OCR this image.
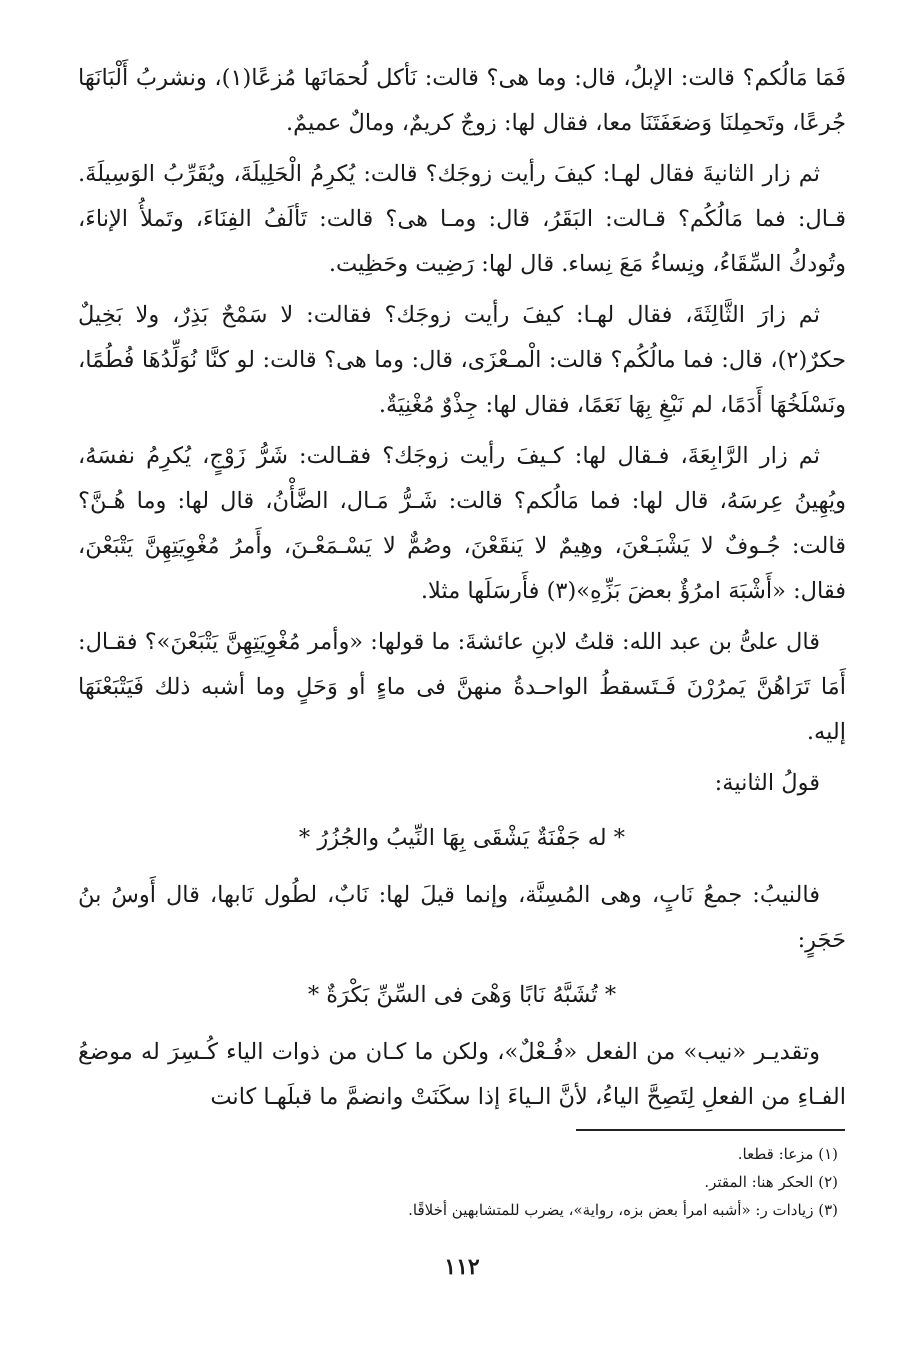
فَمَا مَالُكم؟ قالت: الإبلُ، قال: وما هى؟ قالت: نَأكل لُحمَانَها مُزعًا(١)، ونشربُ أَلْبَانَهَا جُرعًا، وتَحمِلنَا وَضعَفَتَنَا معا، فقال لها: زوجٌ كريمٌ، ومالٌ عميمٌ.

ثم زار الثانيةَ فقال لهـا: كيفَ رأيت زوجَك؟ قالت: يُكرِمُ الْحَلِيلَةَ، ويُقَرِّبُ الوَسِيلَةَ. قـال: فما مَالُكُم؟ قـالت: البَقَرُ، قال: ومـا هى؟ قالت: تَألَفُ الفِنَاءَ، وتَملأُ الإناءَ، وتُودكُ السِّقَاءُ، ونِساءُ مَعَ نِساء. قال لها: رَضِيت وحَظِيت.

ثم زارَ الثَّالِثَةَ، فقال لهـا: كيفَ رأيت زوجَك؟ فقالت: لا سَمْحٌ بَذِرٌ، ولا بَخِيلٌ حكرٌ(٢)، قال: فما مالُكُم؟ قالت: الْمـعْزَى، قال: وما هى؟ قالت: لو كنَّا نُوَلِّدُهَا فُطُمًا، ونَسْلَخُهَا أَدَمًا، لم نَبْغِ بِهَا نَعَمًا، فقال لها: جِذْوٌ مُغْنِيَةٌ.

ثم زار الرَّابِعَةَ، فـقال لها: كـيفَ رأيت زوجَك؟ فقـالت: شَرُّ زَوْجٍ، يُكرِمُ نفسَهُ، ويُهِينُ عِرسَهُ، قال لها: فما مَالُكم؟ قالت: شَـرُّ مَـال، الضَّأْنُ، قال لها: وما هُـنَّ؟ قالت: جُـوفٌ لا يَشْبَـعْنَ، وهِيمٌ لا يَنقَعْنَ، وصُمٌّ لا يَسْـمَعْـنَ، وأَمرُ مُغْوِيَتِهِنَّ يَتْبَعْنَ، فقال: «أَشْبَهَ امرُؤٌ بعضَ بَزِّهِ»(٣) فأَرسَلَها مثلا.

قال علىُّ بن عبد الله: قلتُ لابنِ عائشةَ: ما قولها: «وأمر مُغْوِيَتِهِنَّ يَتْبَعْنَ»؟ فقـال: أَمَا تَرَاهُنَّ يَمرُرْنَ فَـتَسقطُ الواحـدةُ منهنَّ فى ماءٍ أو وَحَلٍ وما أشبه ذلك فَيَتْبَعْنَهَا إليه.

قولُ الثانية:

* له جَفْنَةٌ يَشْقَى بِهَا النِّيبُ والجُزُرُ *

فالنيبُ: جمعُ نَابٍ، وهى المُسِنَّة، وإنما قيلَ لها: نَابٌ، لطُول نَابها، قال أَوسُ بنُ حَجَرٍ:

* تُشَبَّهُ نَابًا وَهْىَ فى السِّنِّ بَكْرَةٌ *

وتقديـر «نيب» من الفعل «فُـعْلٌ»، ولكن ما كـان من ذوات الياء كُـسِرَ له موضعُ الفـاءِ من الفعلِ لِتَصِحَّ الياءُ، لأنَّ الـياءَ إذا سكَنَتْ وانضمَّ ما قبلَهـا كانت

(١) مزعا: قطعا.
(٢) الحكر هنا: المقتر.
(٣) زيادات ر: «أشبه امرأ بعض بزه، رواية»، يضرب للمتشابهين أخلاقًا.
١١٢
